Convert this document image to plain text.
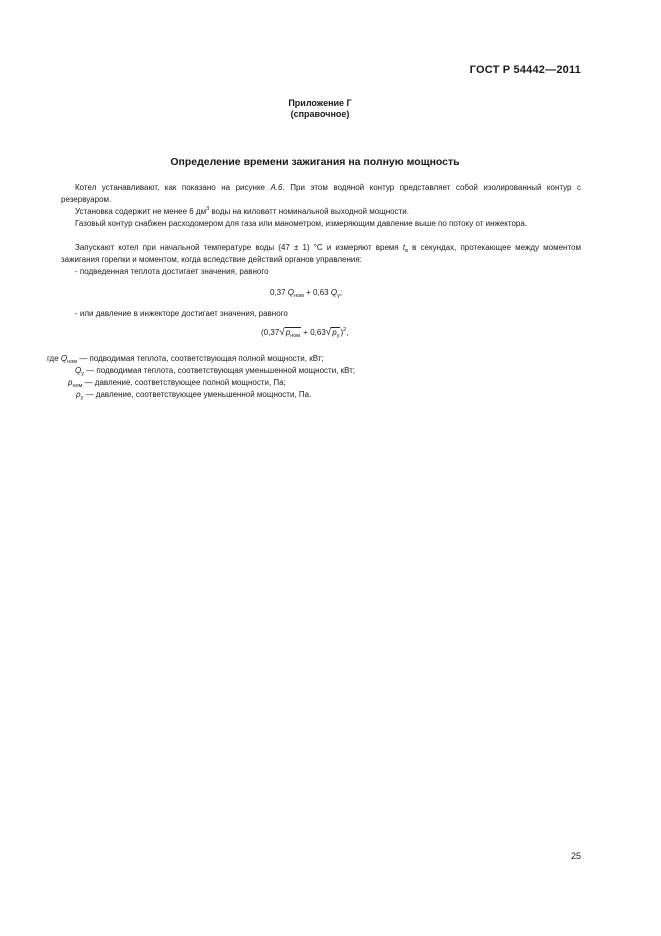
ГОСТ Р 54442—2011
Приложение Г
(справочное)
Определение времени зажигания на полную мощность
Котел устанавливают, как показано на рисунке А.6. При этом водяной контур представляет собой изолированный контур с резервуаром.
Установка содержит не менее 6 $дм^3$ воды на киловатт номинальной выходной мощности.
Газовый контур снабжен расходомером для газа или манометром, измеряющим давление выше по потоку от инжектора.
Запускают котел при начальной температуре воды (47 ± 1) °С и измеряют время $t_в$ в секундах, протекающее между моментом зажигания горелки и моментом, когда вследствие действий органов управления:
- подведенная теплота достигает значения, равного
0,37 $Q_{ном} + 0,63$ $Q_у$;
- или давление в инжекторе достигает значения, равного
$(0,37√p_{ном} + 0,63√p_у)^2$,
где $Q_{ном}$ — подводимая теплота, соответствующая полной мощности, кВт;
$Q_у$ — подводимая теплота, соответствующая уменьшенной мощности, кВт;
$p_{ном}$ — давление, соответствующее полной мощности, Па;
$\rho_у$ — давление, соответствующее уменьшенной мощности, Па.
25
